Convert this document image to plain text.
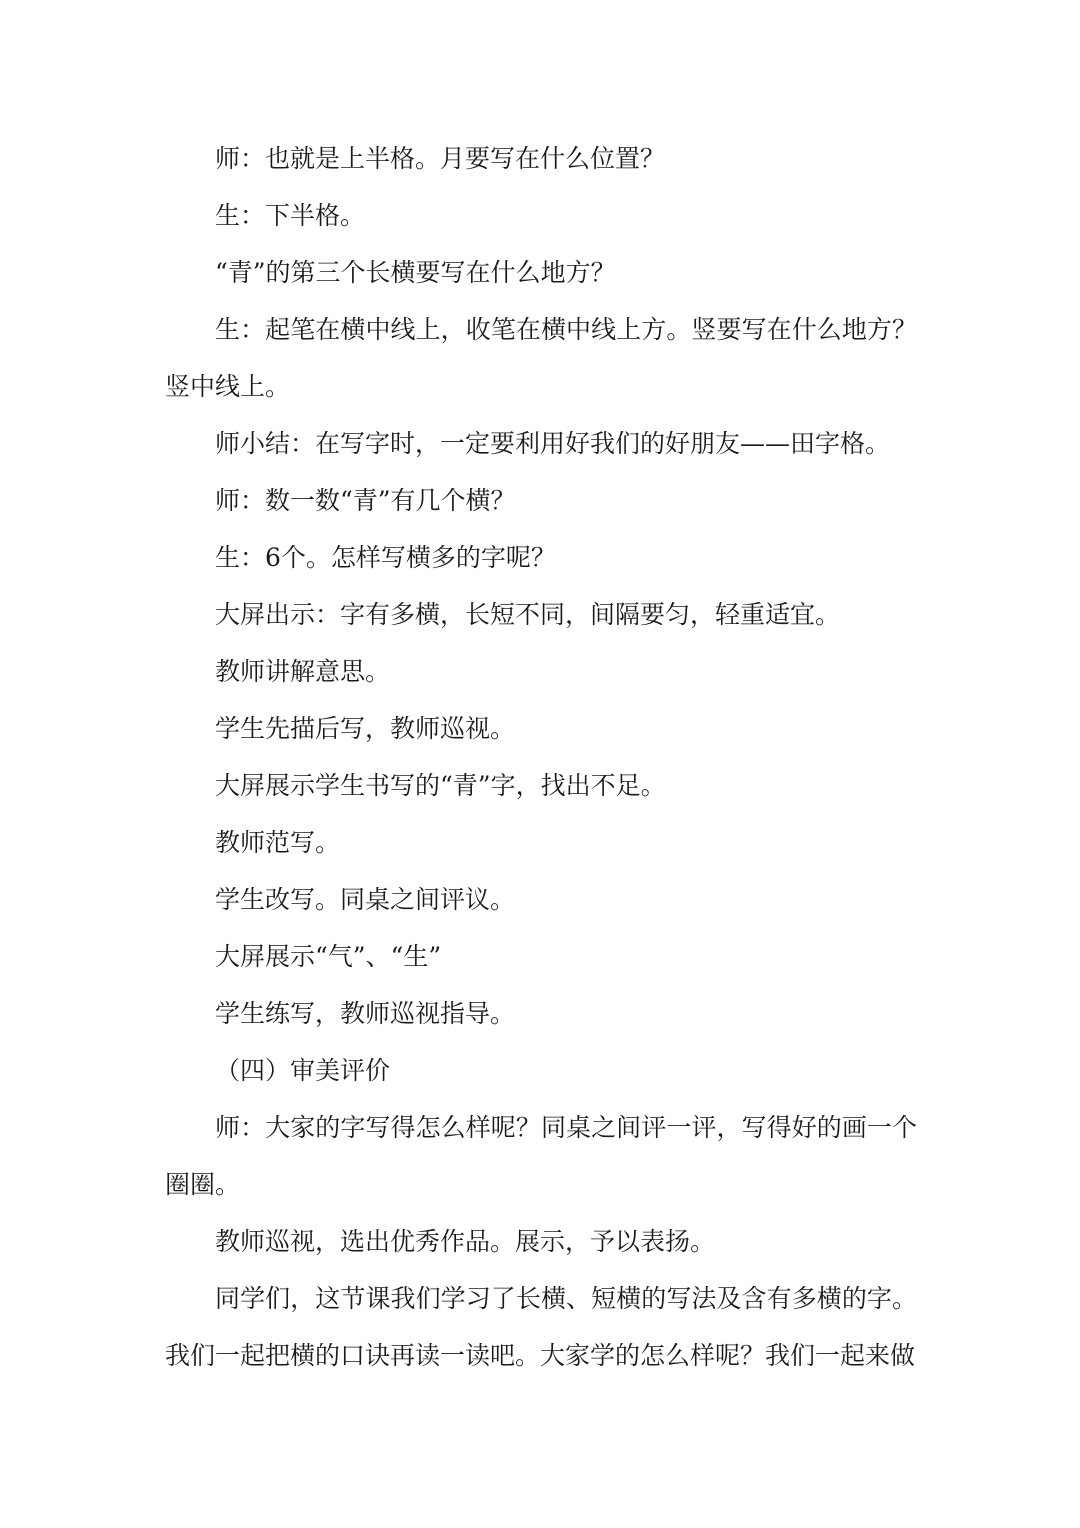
师：也就是上半格。月要写在什么位置？

生：下半格。

“青”的第三个长横要写在什么地方？

生：起笔在横中线上，收笔在横中线上方。竖要写在什么地方？竖中线上。

师小结：在写字时，一定要利用好我们的好朋友——田字格。

师：数一数“青”有几个横？

生：6个。怎样写横多的字呢？

大屏出示：字有多横，长短不同，间隔要匀，轻重适宜。

教师讲解意思。

学生先描后写，教师巡视。

大屏展示学生书写的“青”字，找出不足。

教师范写。

学生改写。同桌之间评议。

大屏展示“气”、“生”

学生练写，教师巡视指导。

（四）审美评价

师：大家的字写得怎么样呢？同桌之间评一评，写得好的画一个圈圈。

教师巡视，选出优秀作品。展示，予以表扬。

同学们，这节课我们学习了长横、短横的写法及含有多横的字。我们一起把横的口诀再读一读吧。大家学的怎么样呢？我们一起来做
